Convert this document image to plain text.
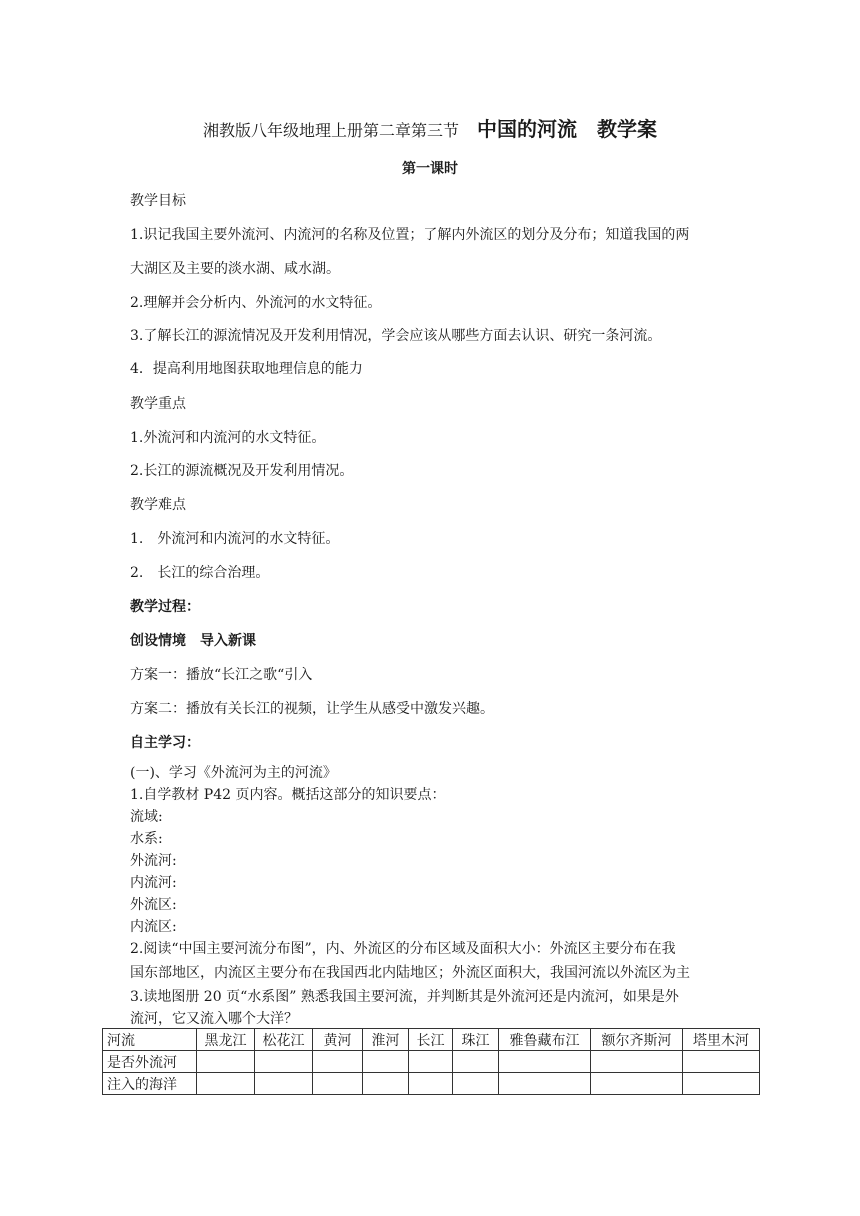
湘教版八年级地理上册第二章第三节 中国的河流　教学案
第一课时
教学目标
1.识记我国主要外流河、内流河的名称及位置；了解内外流区的划分及分布；知道我国的两
大湖区及主要的淡水湖、咸水湖。
2.理解并会分析内、外流河的水文特征。
3.了解长江的源流情况及开发利用情况，学会应该从哪些方面去认识、研究一条河流。
4．提高利用地图获取地理信息的能力
教学重点
1.外流河和内流河的水文特征。
2.长江的源流概况及开发利用情况。
教学难点
1.　外流河和内流河的水文特征。
2.　长江的综合治理。
教学过程：
创设情境　导入新课
方案一：播放“长江之歌“引入
方案二：播放有关长江的视频，让学生从感受中激发兴趣。
自主学习：
(一)、学习《外流河为主的河流》
1.自学教材 P42 页内容。概括这部分的知识要点：
流域:
水系:
外流河:
内流河:
外流区:
内流区:
2.阅读“中国主要河流分布图”，内、外流区的分布区域及面积大小：外流区主要分布在我
国东部地区，内流区主要分布在我国西北内陆地区；外流区面积大，我国河流以外流区为主
3.读地图册 20 页“水系图” 熟悉我国主要河流，并判断其是外流河还是内流河，如果是外
流河，它又流入哪个大洋？
河流	黑龙江	松花江	黄河	淮河	长江	珠江	雅鲁藏布江	额尔齐斯河	塔里木河
是否外流河									
注入的海洋									
